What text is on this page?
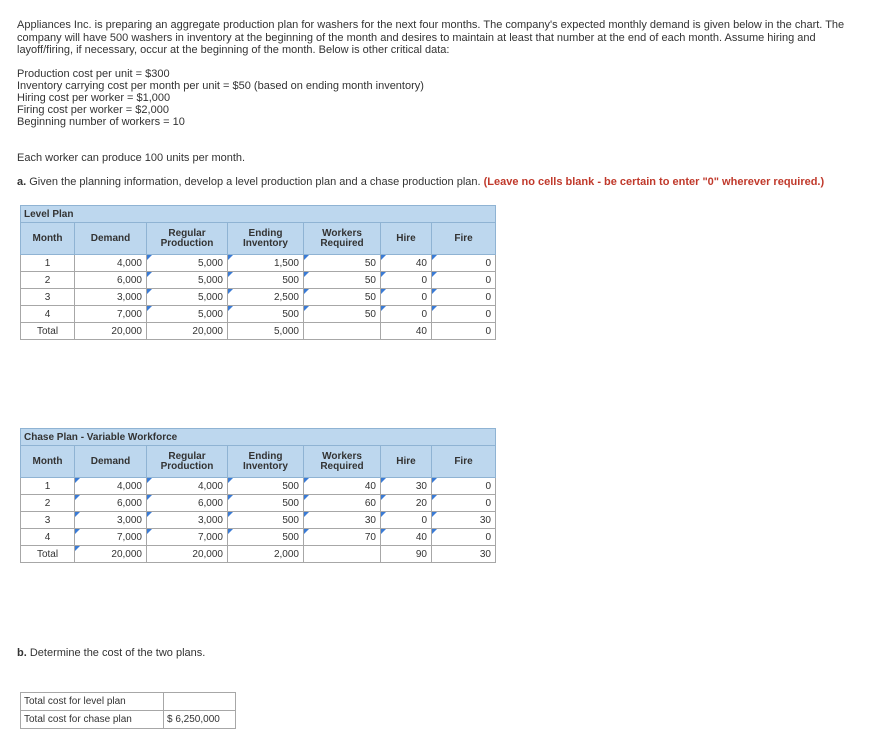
Appliances Inc. is preparing an aggregate production plan for washers for the next four months. The company's expected monthly demand is given below in the chart. The company will have 500 washers in inventory at the beginning of the month and desires to maintain at least that number at the end of each month. Assume hiring and layoff/firing, if necessary, occur at the beginning of the month. Below is other critical data:

Production cost per unit = $300
Inventory carrying cost per month per unit = $50 (based on ending month inventory)
Hiring cost per worker = $1,000
Firing cost per worker = $2,000
Beginning number of workers = 10
Each worker can produce 100 units per month.
a. Given the planning information, develop a level production plan and a chase production plan. (Leave no cells blank - be certain to enter "0" wherever required.)
Level Plan						
Month	Demand	Regular
Production	Ending
Inventory	Workers
Required	Hire	Fire
1	4,000	5,000	1,500	50	40	0
2	6,000	5,000	500	50	0	0
3	3,000	5,000	2,500	50	0	0
4	7,000	5,000	500	50	0	0
Total	20,000	20,000	5,000		40	0
Chase Plan - Variable Workforce						
Month	Demand	Regular
Production	Ending
Inventory	Workers
Required	Hire	Fire
1	4,000	4,000	500	40	30	0
2	6,000	6,000	500	60	20	0
3	3,000	3,000	500	30	0	30
4	7,000	7,000	500	70	40	0
Total	20,000	20,000	2,000		90	30
b. Determine the cost of the two plans.
Total cost for level plan	
Total cost for chase plan	$ 6,250,000
